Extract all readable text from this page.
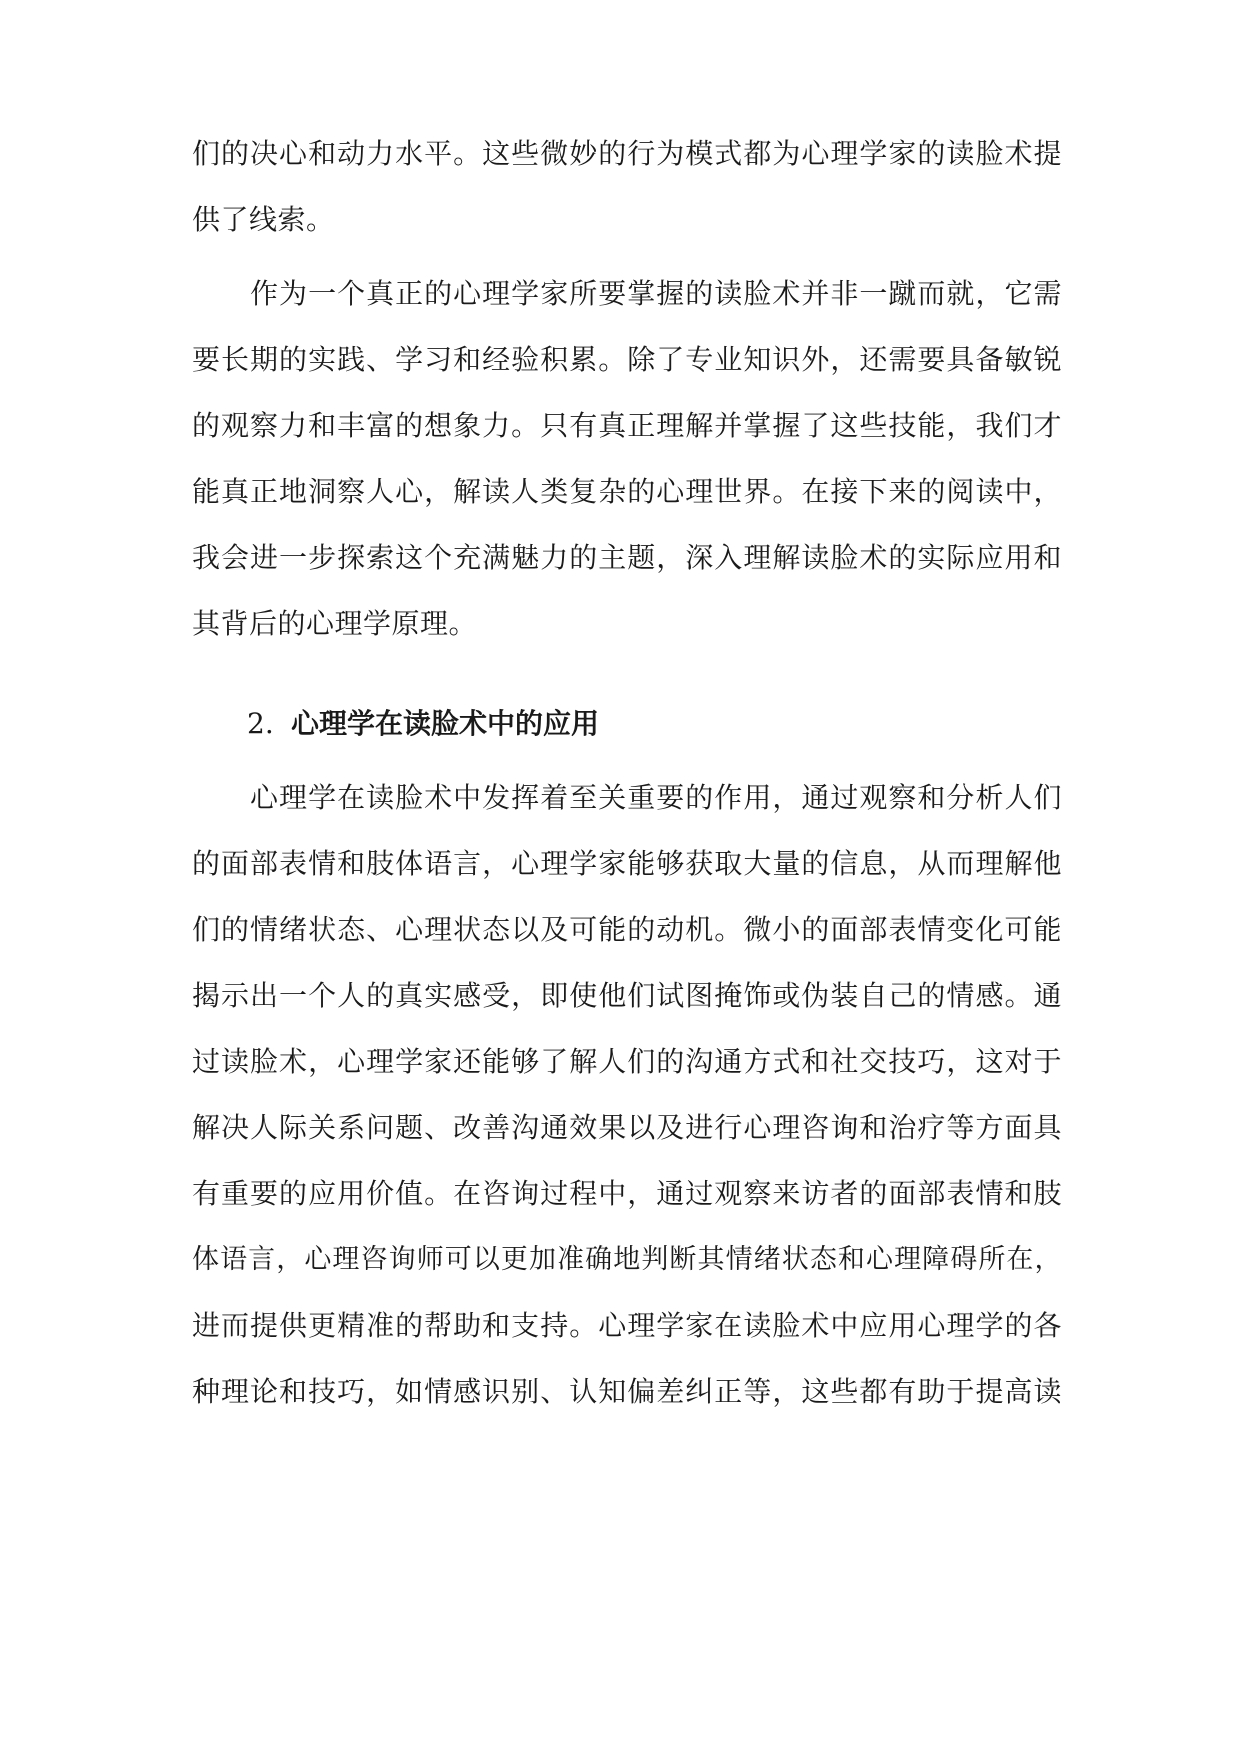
们的决心和动力水平。这些微妙的行为模式都为心理学家的读脸术提
供了线索。
　　作为一个真正的心理学家所要掌握的读脸术并非一蹴而就，它需
要长期的实践、学习和经验积累。除了专业知识外，还需要具备敏锐
的观察力和丰富的想象力。只有真正理解并掌握了这些技能，我们才
能真正地洞察人心，解读人类复杂的心理世界。在接下来的阅读中，
我会进一步探索这个充满魅力的主题，深入理解读脸术的实际应用和
其背后的心理学原理。
2. 心理学在读脸术中的应用
　　心理学在读脸术中发挥着至关重要的作用，通过观察和分析人们
的面部表情和肢体语言，心理学家能够获取大量的信息，从而理解他
们的情绪状态、心理状态以及可能的动机。微小的面部表情变化可能
揭示出一个人的真实感受，即使他们试图掩饰或伪装自己的情感。通
过读脸术，心理学家还能够了解人们的沟通方式和社交技巧，这对于
解决人际关系问题、改善沟通效果以及进行心理咨询和治疗等方面具
有重要的应用价值。在咨询过程中，通过观察来访者的面部表情和肢
体语言，心理咨询师可以更加准确地判断其情绪状态和心理障碍所在，
进而提供更精准的帮助和支持。心理学家在读脸术中应用心理学的各
种理论和技巧，如情感识别、认知偏差纠正等，这些都有助于提高读
